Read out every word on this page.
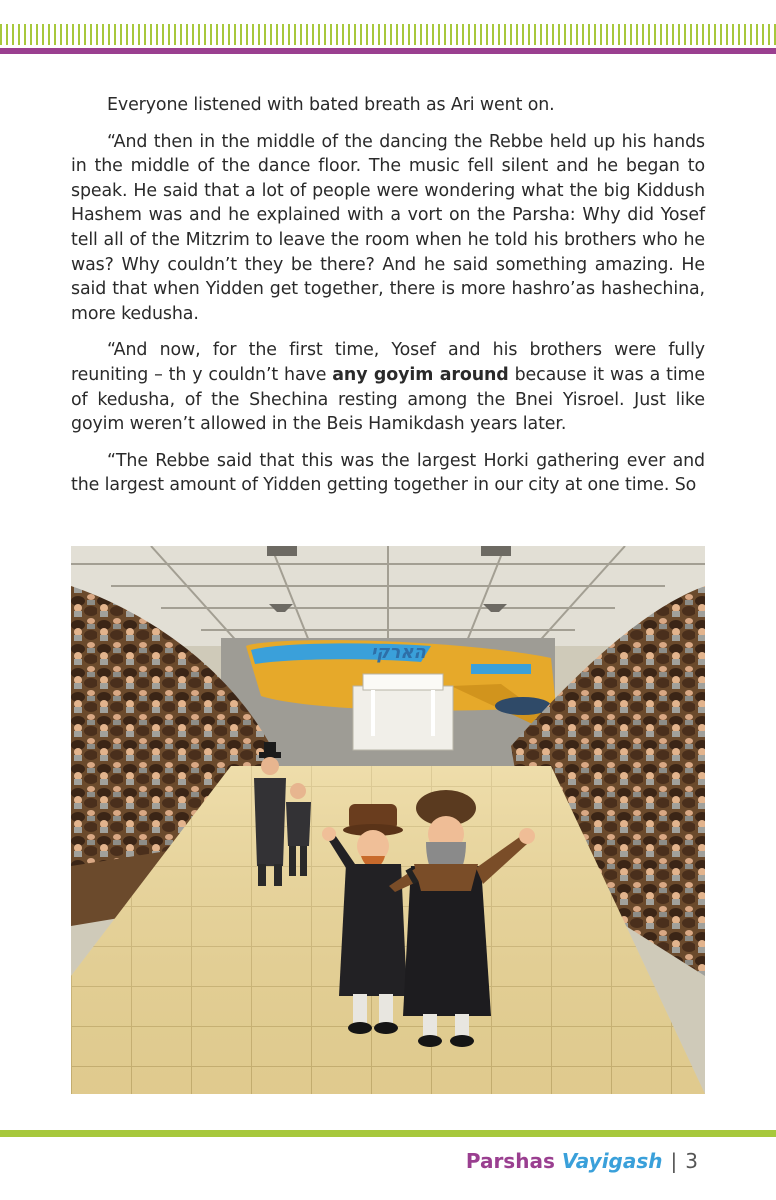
Everyone listened with bated breath as Ari went on.

“And then in the middle of the dancing the Rebbe held up his hands in the middle of the dance floor. The music fell silent and he began to speak. He said that a lot of people were wondering what the big Kiddush Hashem was and he explained with a vort on the Parsha: Why did Yosef tell all of the Mitzrim to leave the room when he told his brothers who he was? Why couldn’t they be there? And he said something amazing. He said that when Yidden get together, there is more hashro’as hashechina, more kedusha.

“And now, for the first time, Yosef and his brothers were fully reuniting – th y couldn’t have any goyim around because it was a time of kedusha, of the Shechina resting among the Bnei Yisroel. Just like goyim weren’t allowed in the Beis Hamikdash years later.

“The Rebbe said that this was the largest Horki gathering ever and the largest amount of Yidden getting together in our city at one time. So

הארקי
Parshas Vayigash | 3
